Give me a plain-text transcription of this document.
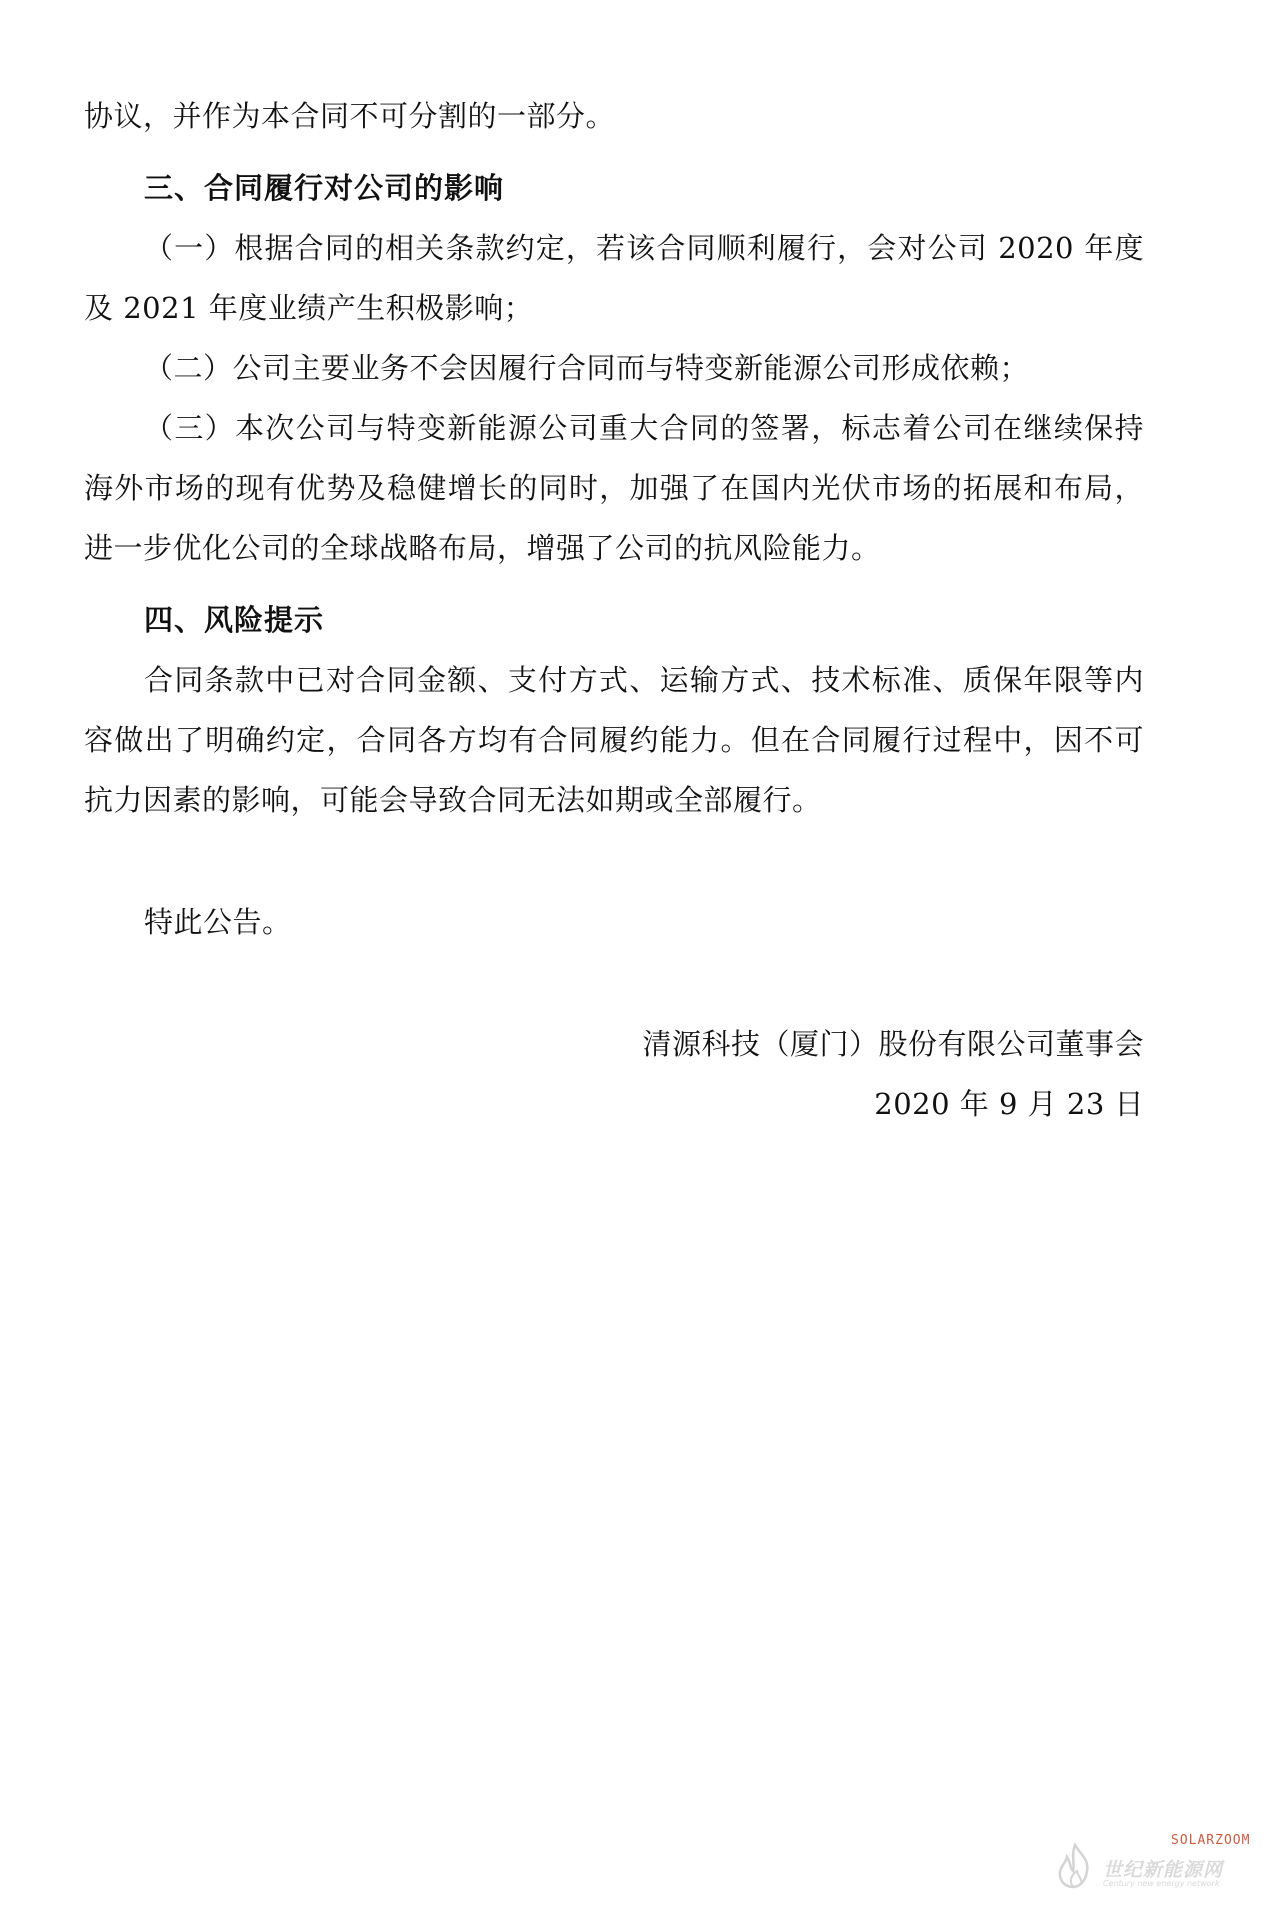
协议，并作为本合同不可分割的一部分。

三、合同履行对公司的影响

（一）根据合同的相关条款约定，若该合同顺利履行，会对公司 2020 年度及 2021 年度业绩产生积极影响；

（二）公司主要业务不会因履行合同而与特变新能源公司形成依赖；

（三）本次公司与特变新能源公司重大合同的签署，标志着公司在继续保持海外市场的现有优势及稳健增长的同时，加强了在国内光伏市场的拓展和布局，进一步优化公司的全球战略布局，增强了公司的抗风险能力。

四、风险提示

合同条款中已对合同金额、支付方式、运输方式、技术标准、质保年限等内容做出了明确约定，合同各方均有合同履约能力。但在合同履行过程中，因不可抗力因素的影响，可能会导致合同无法如期或全部履行。

特此公告。

清源科技（厦门）股份有限公司董事会

2020 年 9 月 23 日

SOLARZOOM
世纪新能源网
Century new energy network
